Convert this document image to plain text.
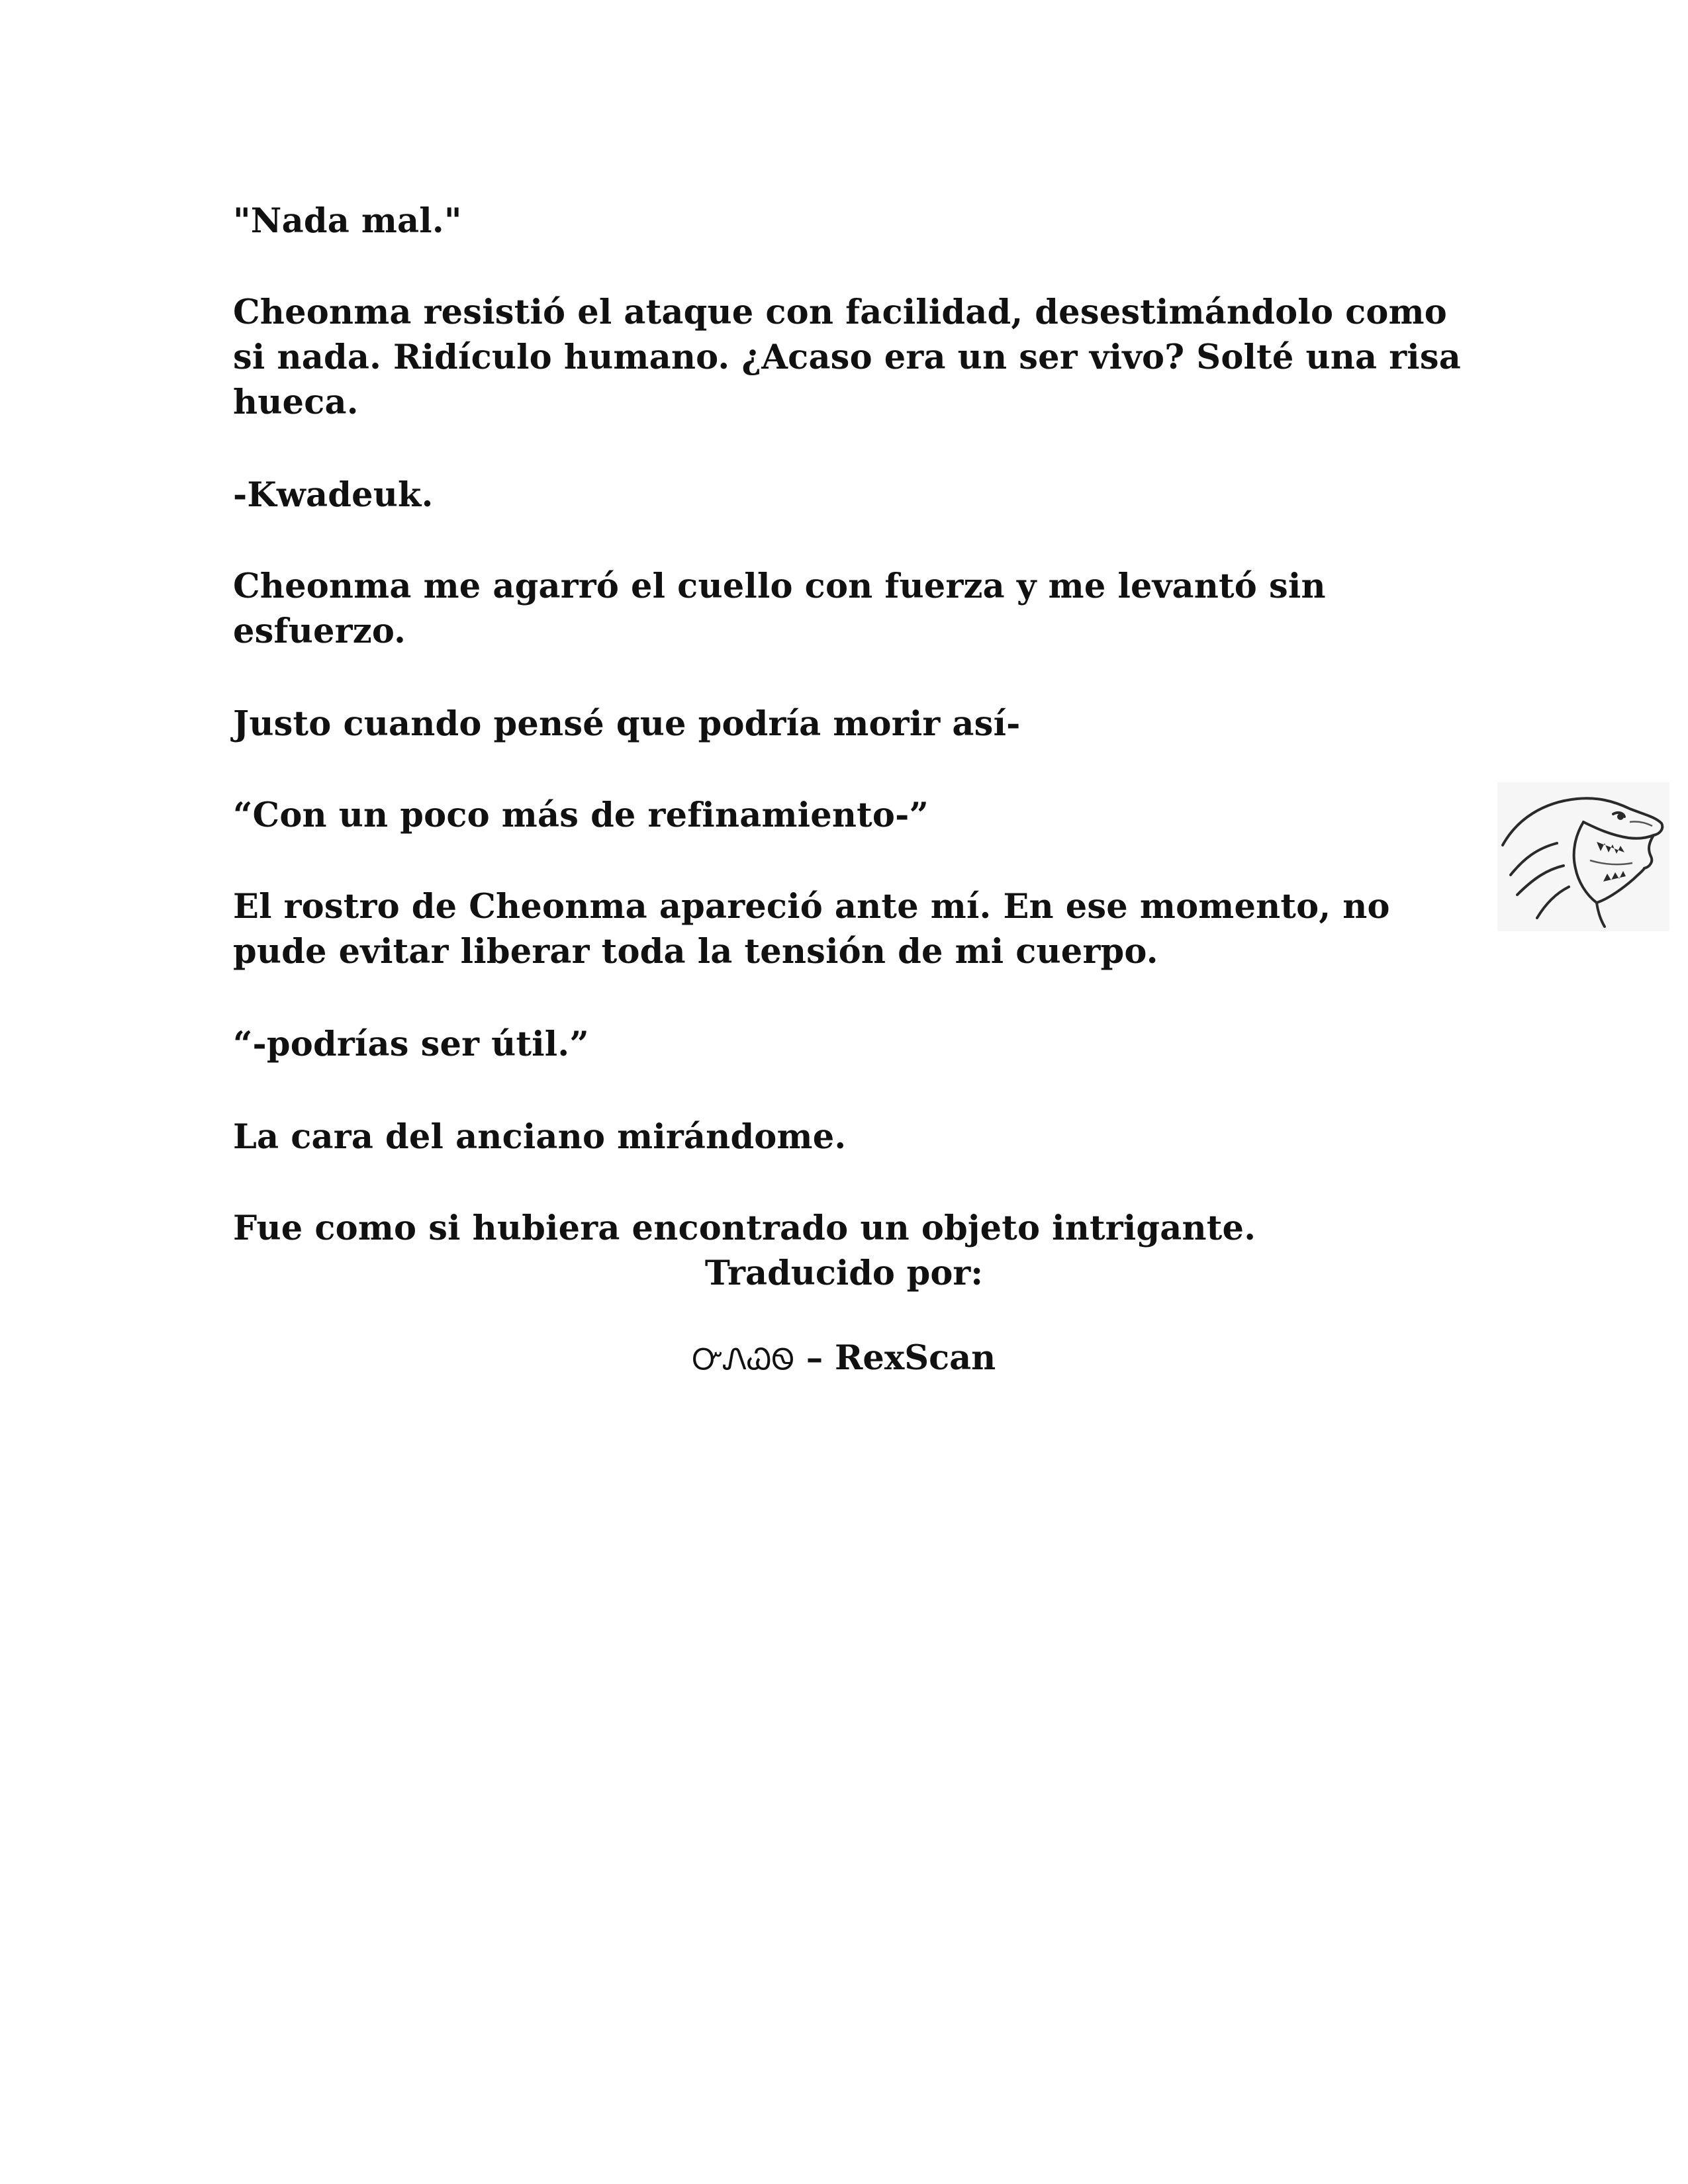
"Nada mal."

Cheonma resistió el ataque con facilidad, desestimándolo como si nada. Ridículo humano. ¿Acaso era un ser vivo? Solté una risa hueca.

-Kwadeuk.

Cheonma me agarró el cuello con fuerza y me levantó sin esfuerzo.

Justo cuando pensé que podría morir así-

“Con un poco más de refinamiento-”

El rostro de Cheonma apareció ante mí. En ese momento, no pude evitar liberar toda la tensión de mi cuerpo.

“-podrías ser útil.”

La cara del anciano mirándome.

Fue como si hubiera encontrado un objeto intrigante.

Traducido por:

ᏅᏁᏇᏫ – RexScan
